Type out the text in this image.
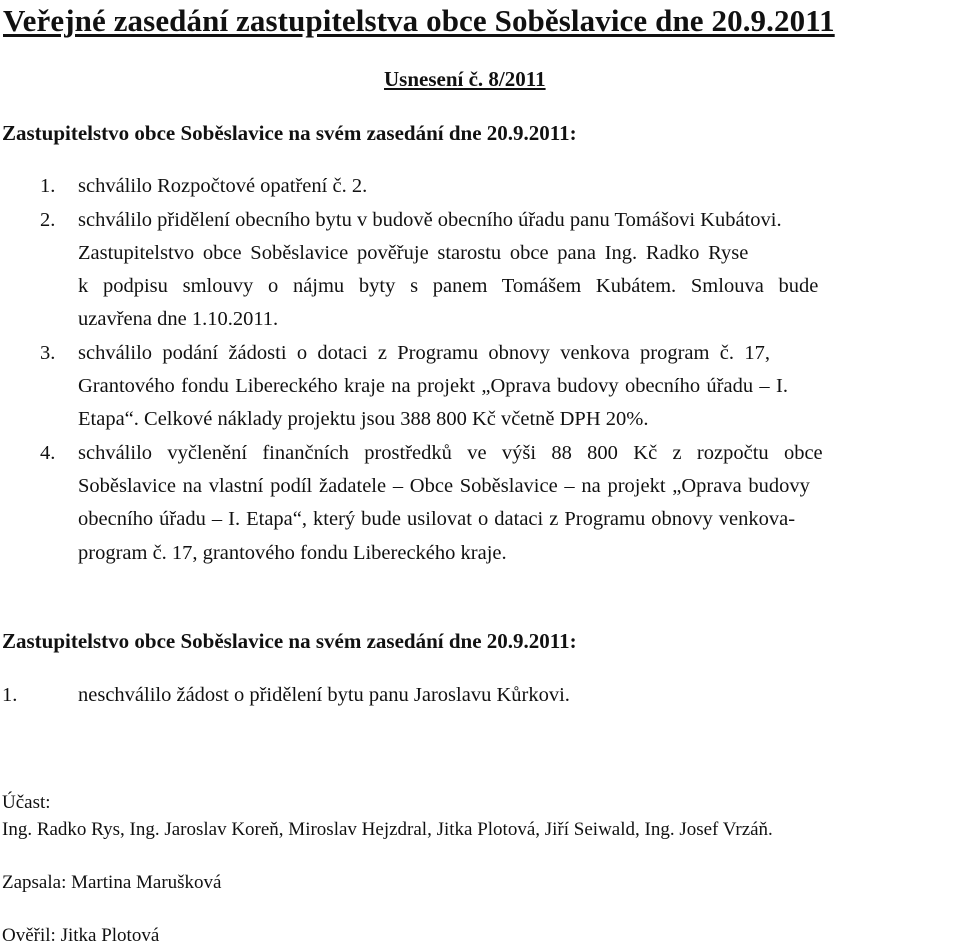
Veřejné zasedání zastupitelstva obce Soběslavice dne 20.9.2011
Usnesení č. 8/2011
Zastupitelstvo obce Soběslavice na svém zasedání dne 20.9.2011:
1. schválilo Rozpočtové opatření č. 2.
2. schválilo přidělení obecního bytu v budově obecního úřadu panu Tomášovi Kubátovi.
Zastupitelstvo obce Soběslavice pověřuje starostu obce pana Ing. Radko Ryse
k podpisu smlouvy o nájmu byty s panem Tomášem Kubátem. Smlouva bude
uzavřena dne 1.10.2011.
3. schválilo podání žádosti o dotaci z Programu obnovy venkova program č. 17,
Grantového fondu Libereckého kraje na projekt „Oprava budovy obecního úřadu – I.
Etapa“. Celkové náklady projektu jsou 388 800 Kč včetně DPH 20%.
4. schválilo vyčlenění finančních prostředků ve výši 88 800 Kč z rozpočtu obce
Soběslavice na vlastní podíl žadatele – Obce Soběslavice – na projekt „Oprava budovy
obecního úřadu – I. Etapa“, který bude usilovat o dataci z Programu obnovy venkova-
program č. 17, grantového fondu Libereckého kraje.
Zastupitelstvo obce Soběslavice na svém zasedání dne 20.9.2011:
1.	neschválilo žádost o přidělení bytu panu Jaroslavu Kůrkovi.
Účast:
Ing. Radko Rys, Ing. Jaroslav Koreň, Miroslav Hejzdral, Jitka Plotová, Jiří Seiwald, Ing. Josef Vrzáň.
Zapsala: Martina Marušková
Ověřil: Jitka Plotová
